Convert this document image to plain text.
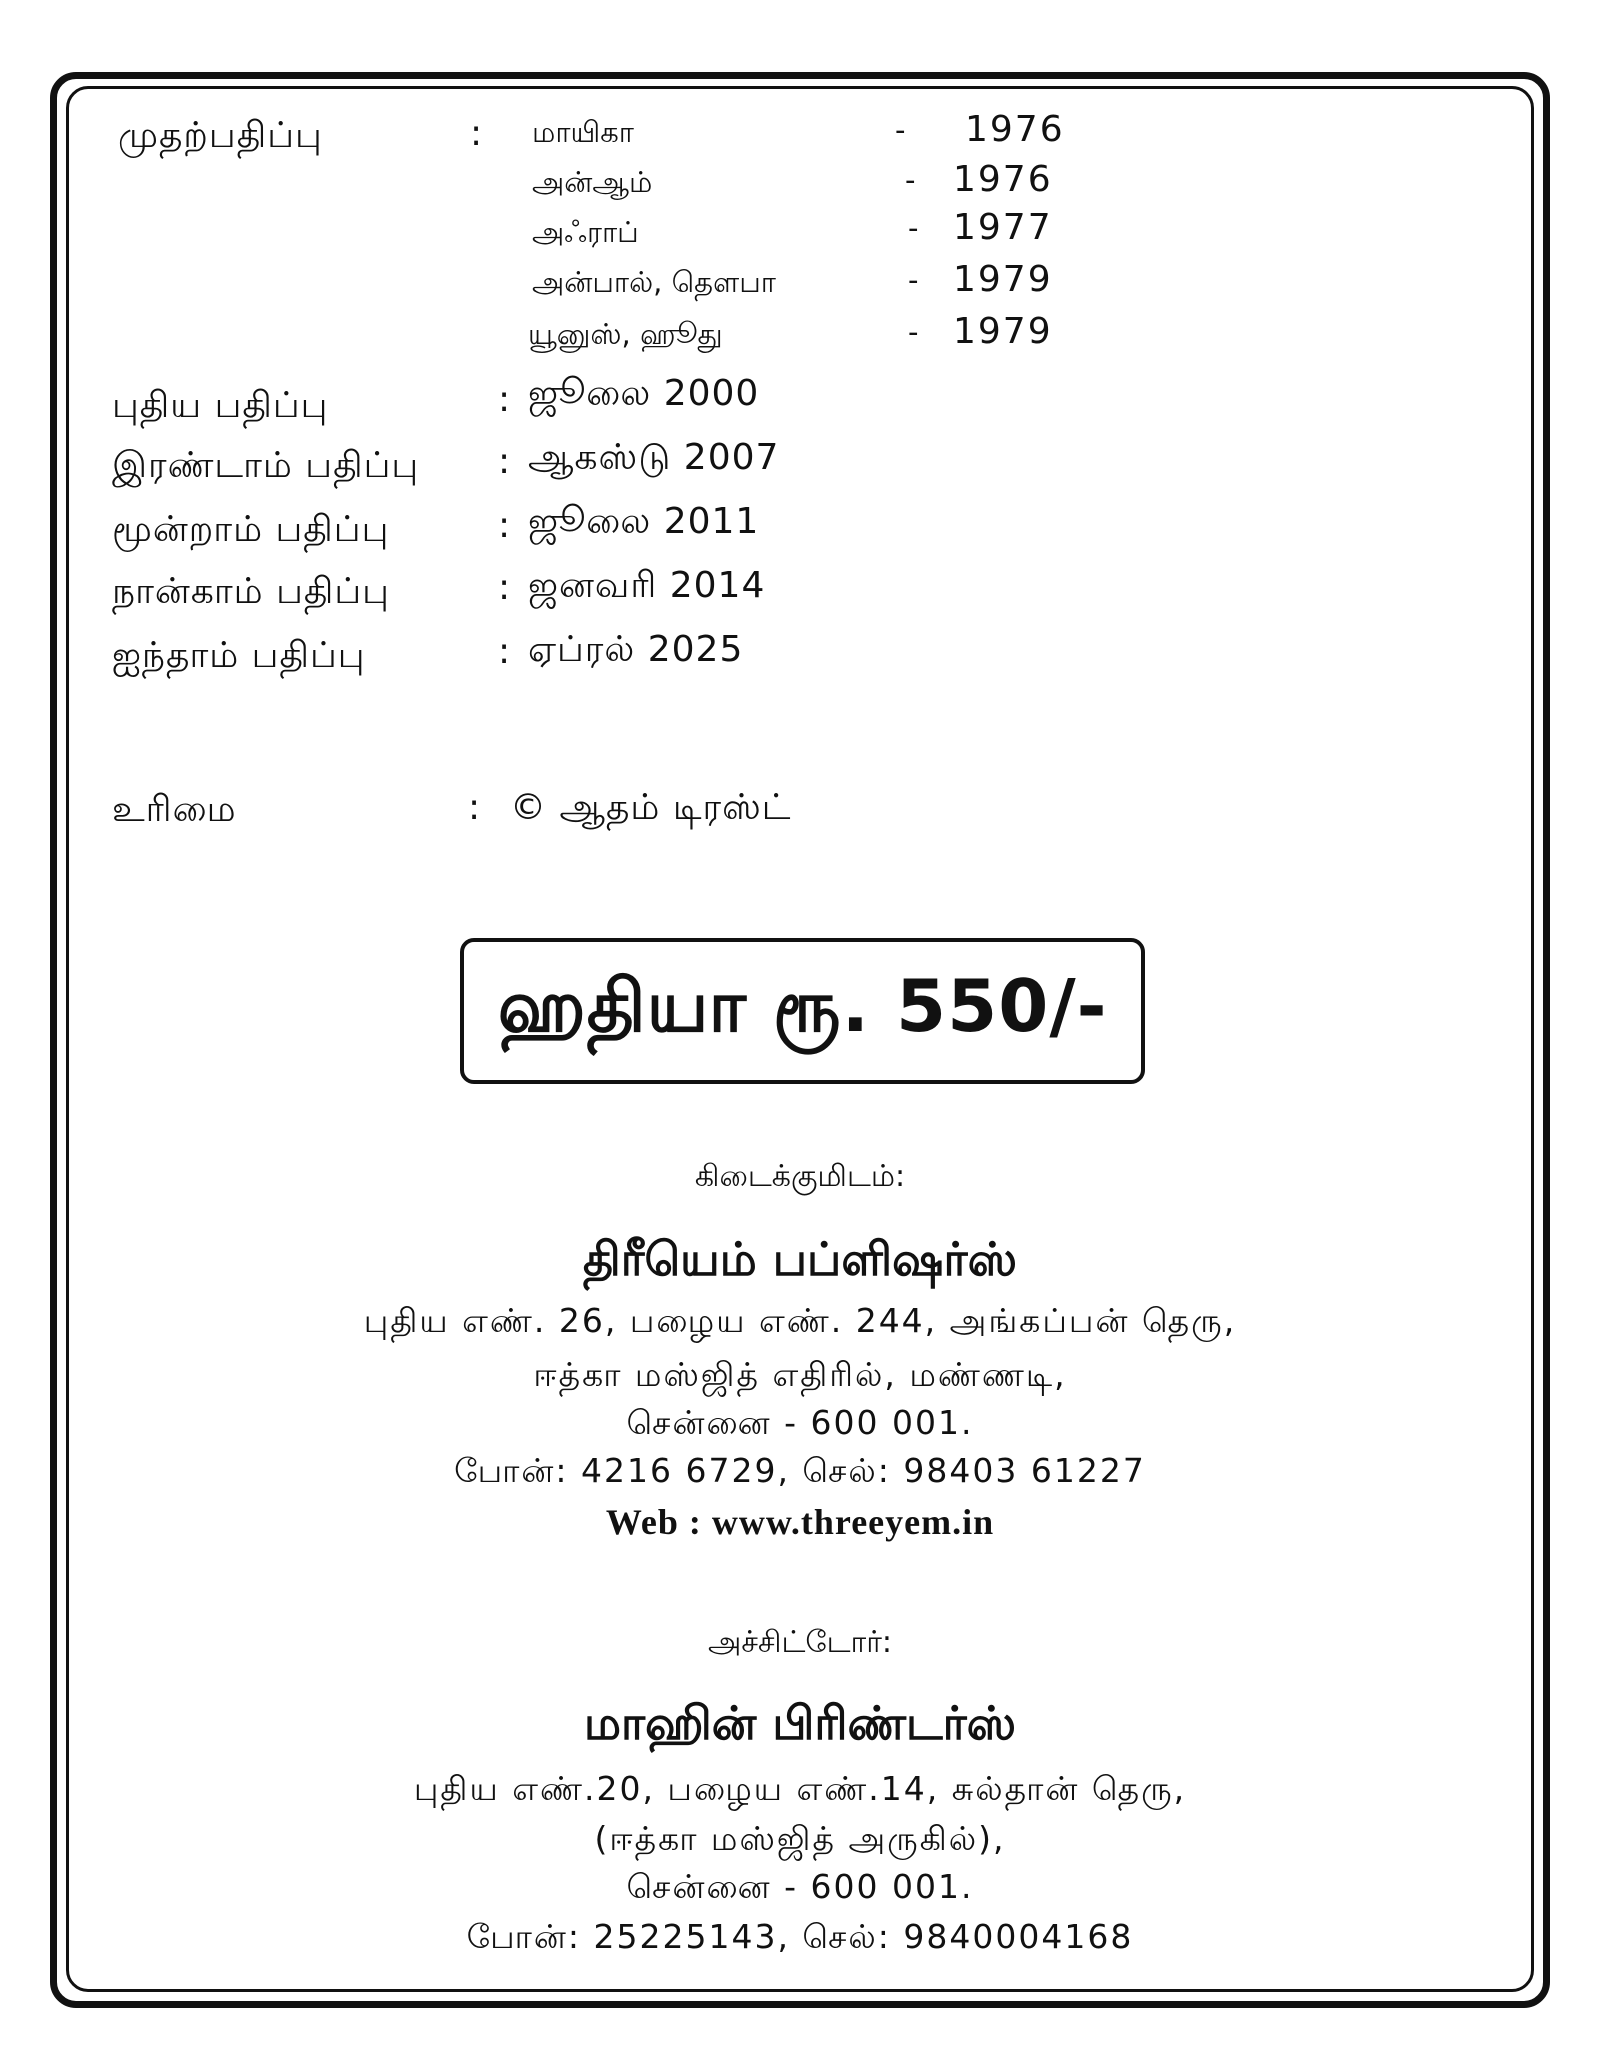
முதற்பதிப்பு	: மாயிகா	- 1976
அன்ஆம்	- 1976
அஃராப்	- 1977
அன்பால், தௌபா	- 1979
யூனுஸ், ஹூது	- 1979
புதிய பதிப்பு	: ஜூலை 2000
இரண்டாம் பதிப்பு : ஆகஸ்டு 2007
மூன்றாம் பதிப்பு	: ஜூலை 2011
நான்காம் பதிப்பு	: ஜனவரி 2014
ஐந்தாம் பதிப்பு	: ஏப்ரல் 2025
உரிமை	: © ஆதம் டிரஸ்ட்
ஹதியா ரூ. 550/-
கிடைக்குமிடம்:
திரீயெம் பப்ளிஷர்ஸ்
புதிய எண். 26, பழைய எண். 244, அங்கப்பன் தெரு,
ஈத்கா மஸ்ஜித் எதிரில், மண்ணடி,
சென்னை - 600 001.
போன்: 4216 6729, செல்: 98403 61227
Web : www.threeyem.in
அச்சிட்டோர்:
மாஹின் பிரிண்டர்ஸ்
புதிய எண்.20, பழைய எண்.14, சுல்தான் தெரு,
(ஈத்கா மஸ்ஜித் அருகில்),
சென்னை - 600 001.
போன்: 25225143, செல்: 9840004168
